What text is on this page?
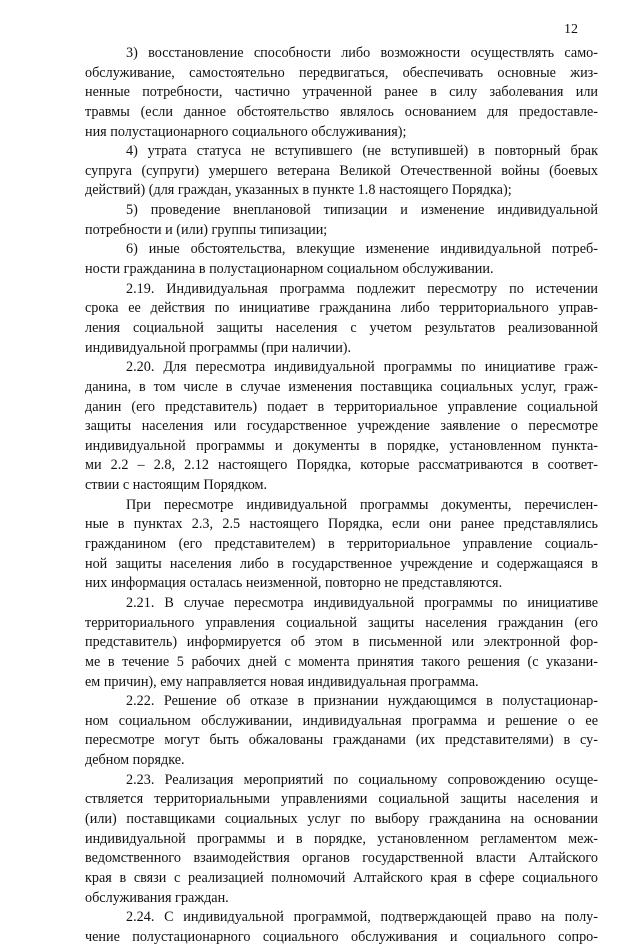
12
3) восстановление способности либо возможности осуществлять само-
обслуживание, самостоятельно передвигаться, обеспечивать основные жиз-
ненные потребности, частично утраченной ранее в силу заболевания или
травмы (если данное обстоятельство являлось основанием для предоставле-
ния полустационарного социального обслуживания);
4) утрата статуса не вступившего (не вступившей) в повторный брак
супруга (супруги) умершего ветерана Великой Отечественной войны (боевых
действий) (для граждан, указанных в пункте 1.8 настоящего Порядка);
5) проведение внеплановой типизации и изменение индивидуальной
потребности и (или) группы типизации;
6) иные обстоятельства, влекущие изменение индивидуальной потреб-
ности гражданина в полустационарном социальном обслуживании.
2.19. Индивидуальная программа подлежит пересмотру по истечении
срока ее действия по инициативе гражданина либо территориального управ-
ления социальной защиты населения с учетом результатов реализованной
индивидуальной программы (при наличии).
2.20. Для пересмотра индивидуальной программы по инициативе граж-
данина, в том числе в случае изменения поставщика социальных услуг, граж-
данин (его представитель) подает в территориальное управление социальной
защиты населения или государственное учреждение заявление о пересмотре
индивидуальной программы и документы в порядке, установленном пункта-
ми 2.2 – 2.8, 2.12 настоящего Порядка, которые рассматриваются в соответ-
ствии с настоящим Порядком.
При пересмотре индивидуальной программы документы, перечислен-
ные в пунктах 2.3, 2.5 настоящего Порядка, если они ранее представлялись
гражданином (его представителем) в территориальное управление социаль-
ной защиты населения либо в государственное учреждение и содержащаяся в
них информация осталась неизменной, повторно не представляются.
2.21. В случае пересмотра индивидуальной программы по инициативе
территориального управления социальной защиты населения гражданин (его
представитель) информируется об этом в письменной или электронной фор-
ме в течение 5 рабочих дней с момента принятия такого решения (с указани-
ем причин), ему направляется новая индивидуальная программа.
2.22. Решение об отказе в признании нуждающимся в полустационар-
ном социальном обслуживании, индивидуальная программа и решение о ее
пересмотре могут быть обжалованы гражданами (их представителями) в су-
дебном порядке.
2.23. Реализация мероприятий по социальному сопровождению осуще-
ствляется территориальными управлениями социальной защиты населения и
(или) поставщиками социальных услуг по выбору гражданина на основании
индивидуальной программы и в порядке, установленном регламентом меж-
ведомственного взаимодействия органов государственной власти Алтайского
края в связи с реализацией полномочий Алтайского края в сфере социального
обслуживания граждан.
2.24. С индивидуальной программой, подтверждающей право на полу-
чение полустационарного социального обслуживания и социального сопро-
